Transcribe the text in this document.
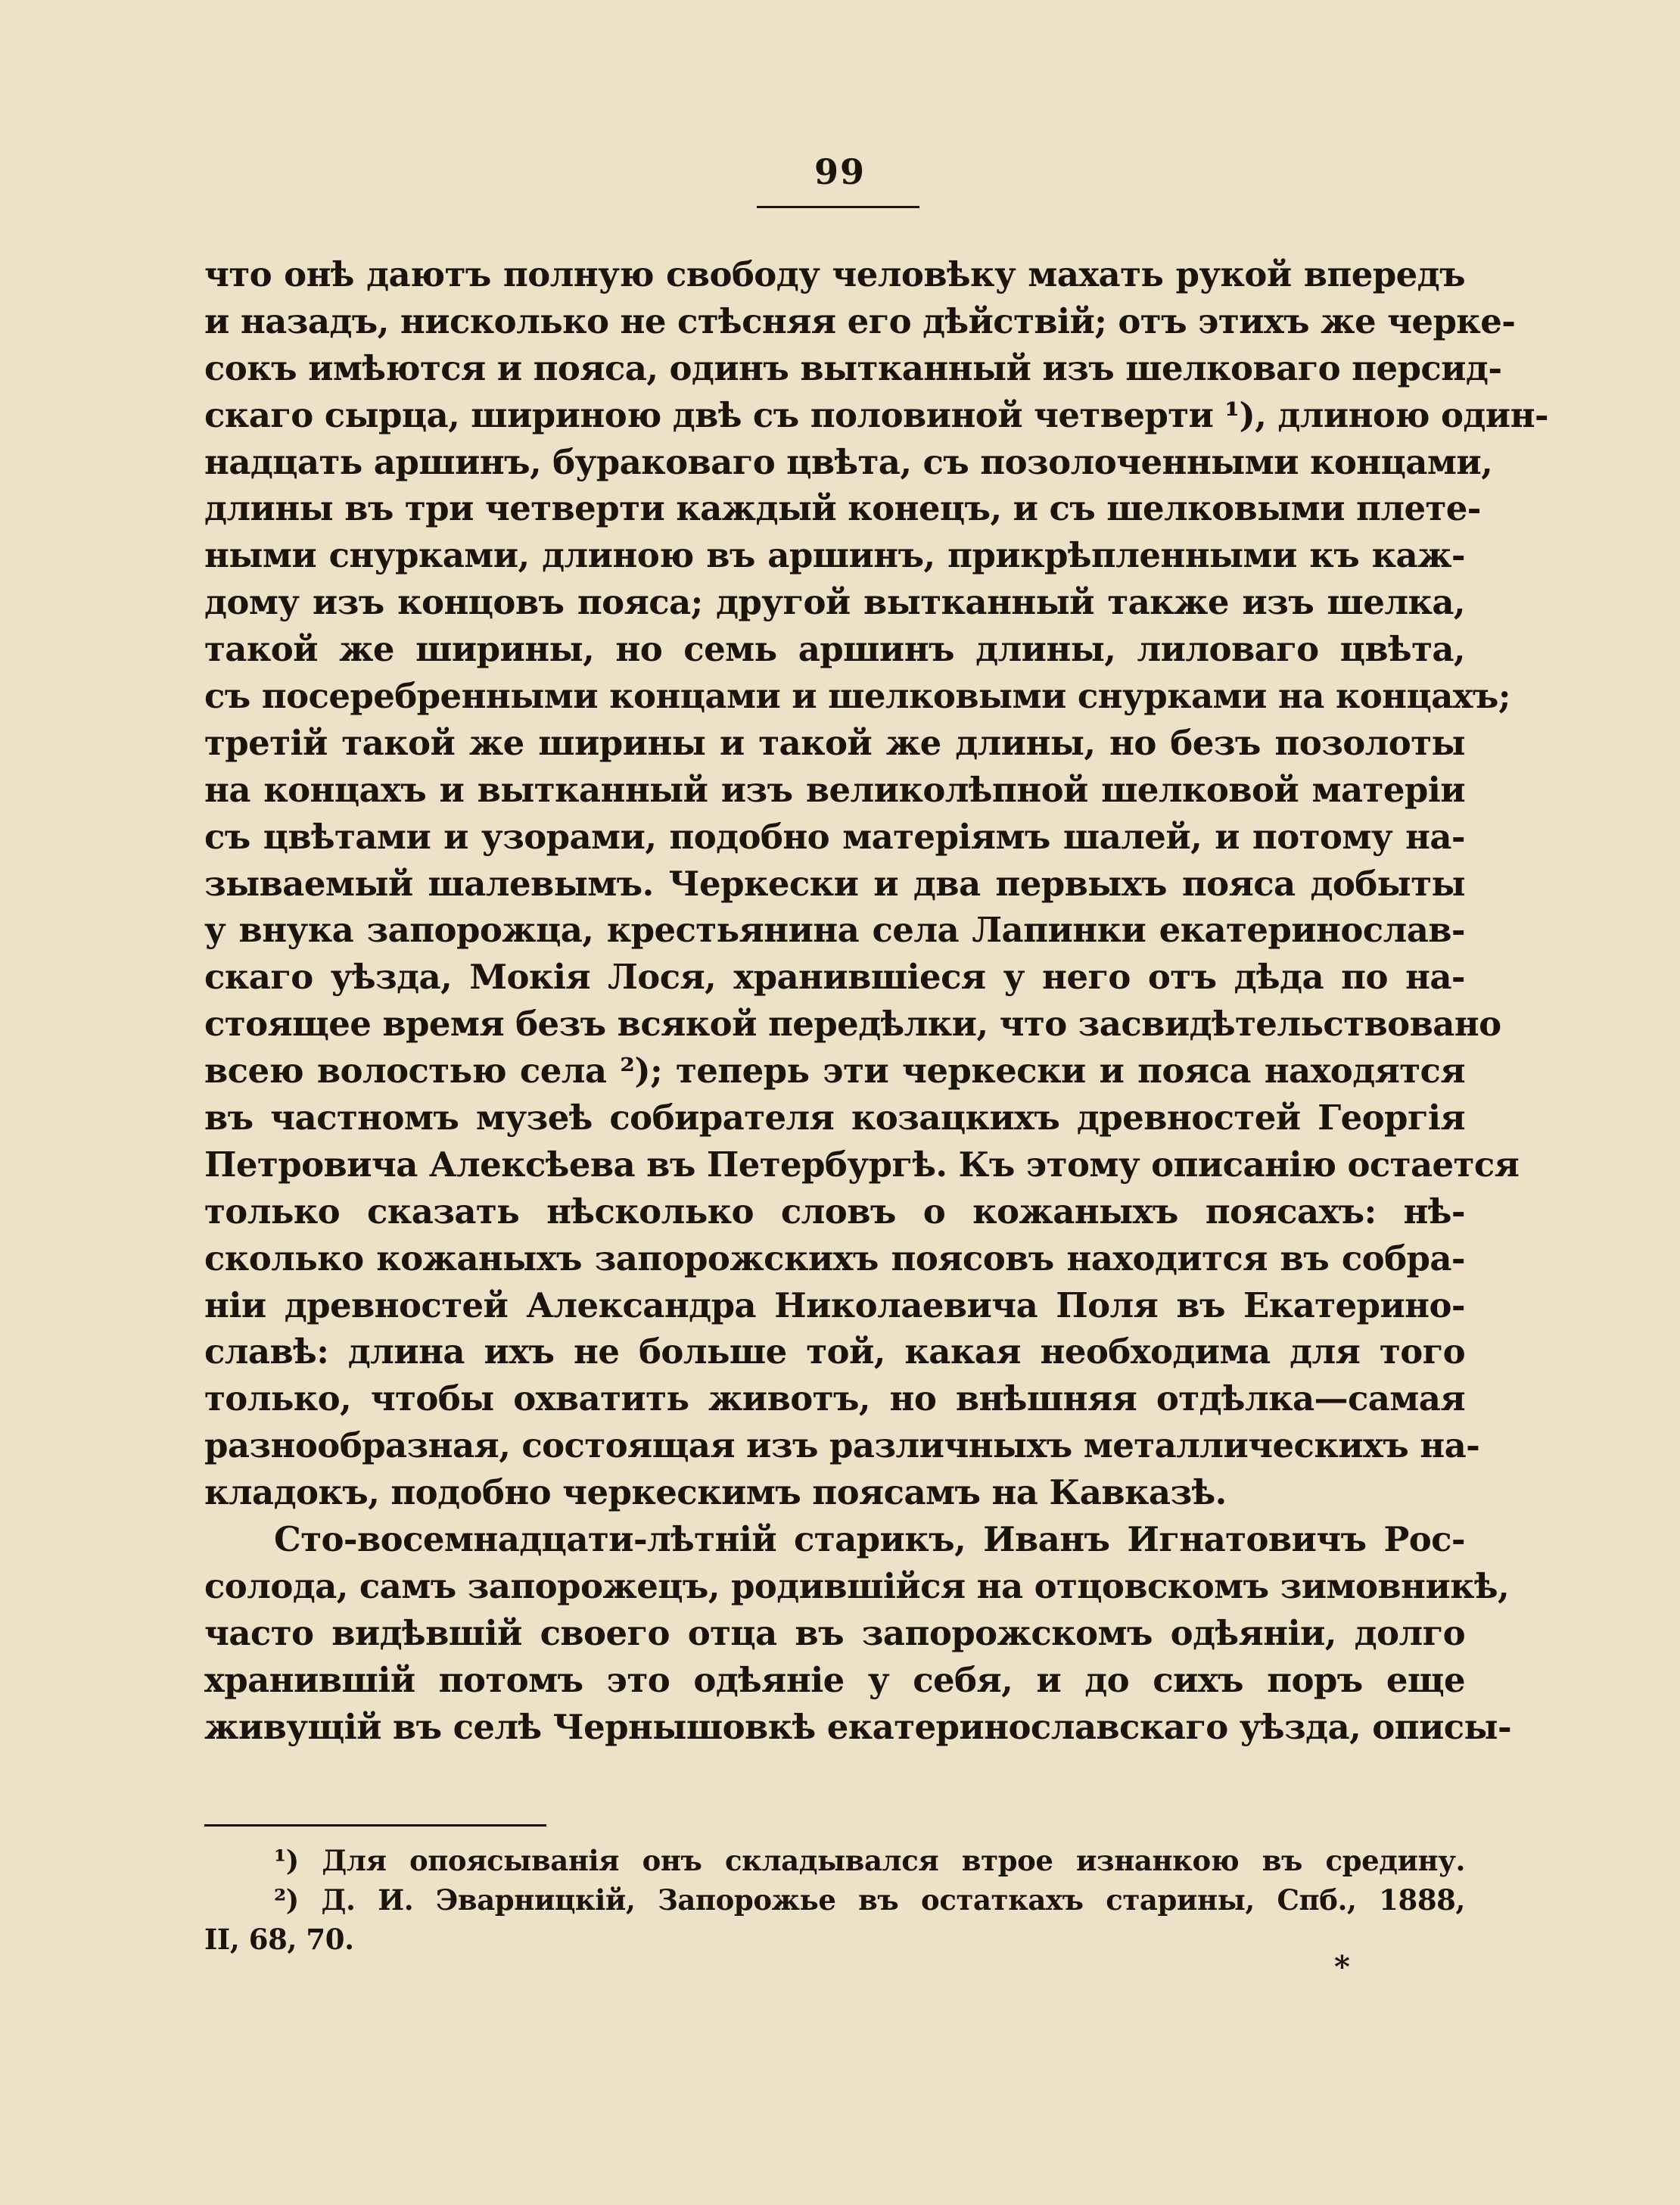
99
что онѣ даютъ полную свободу человѣку махать рукой впередъ
и назадъ, нисколько не стѣсняя его дѣйствій; отъ этихъ же черке-
сокъ имѣются и пояса, одинъ вытканный изъ шелковаго персид-
скаго сырца, шириною двѣ съ половиной четверти ¹), длиною один-
надцать аршинъ, бураковаго цвѣта, съ позолоченными концами,
длины въ три четверти каждый конецъ, и съ шелковыми плете-
ными снурками, длиною въ аршинъ, прикрѣпленными къ каж-
дому изъ концовъ пояса; другой вытканный также изъ шелка,
такой же ширины, но семь аршинъ длины, лиловаго цвѣта,
съ посеребренными концами и шелковыми снурками на концахъ;
третій такой же ширины и такой же длины, но безъ позолоты
на концахъ и вытканный изъ великолѣпной шелковой матеріи
съ цвѣтами и узорами, подобно матеріямъ шалей, и потому на-
зываемый шалевымъ. Черкески и два первыхъ пояса добыты
у внука запорожца, крестьянина села Лапинки екатеринослав-
скаго уѣзда, Мокія Лося, хранившіеся у него отъ дѣда по на-
стоящее время безъ всякой передѣлки, что засвидѣтельствовано
всею волостью села ²); теперь эти черкески и пояса находятся
въ частномъ музеѣ собирателя козацкихъ древностей Георгія
Петровича Алексѣева въ Петербургѣ. Къ этому описанію остается
только сказать нѣсколько словъ о кожаныхъ поясахъ: нѣ-
сколько кожаныхъ запорожскихъ поясовъ находится въ собра-
ніи древностей Александра Николаевича Поля въ Екатерино-
славѣ: длина ихъ не больше той, какая необходима для того
только, чтобы охватить животъ, но внѣшняя отдѣлка—самая
разнообразная, состоящая изъ различныхъ металлическихъ на-
кладокъ, подобно черкескимъ поясамъ на Кавказѣ.
Сто-восемнадцати-лѣтній старикъ, Иванъ Игнатовичъ Рос-
солода, самъ запорожецъ, родившійся на отцовскомъ зимовникѣ,
часто видѣвшій своего отца въ запорожскомъ одѣяніи, долго
хранившій потомъ это одѣяніе у себя, и до сихъ поръ еще
живущій въ селѣ Чернышовкѣ екатеринославскаго уѣзда, описы-
¹) Для опоясыванія онъ складывался втрое изнанкою въ средину.
²) Д. И. Эварницкій, Запорожье въ остаткахъ старины, Спб., 1888,
II, 68, 70.
*
